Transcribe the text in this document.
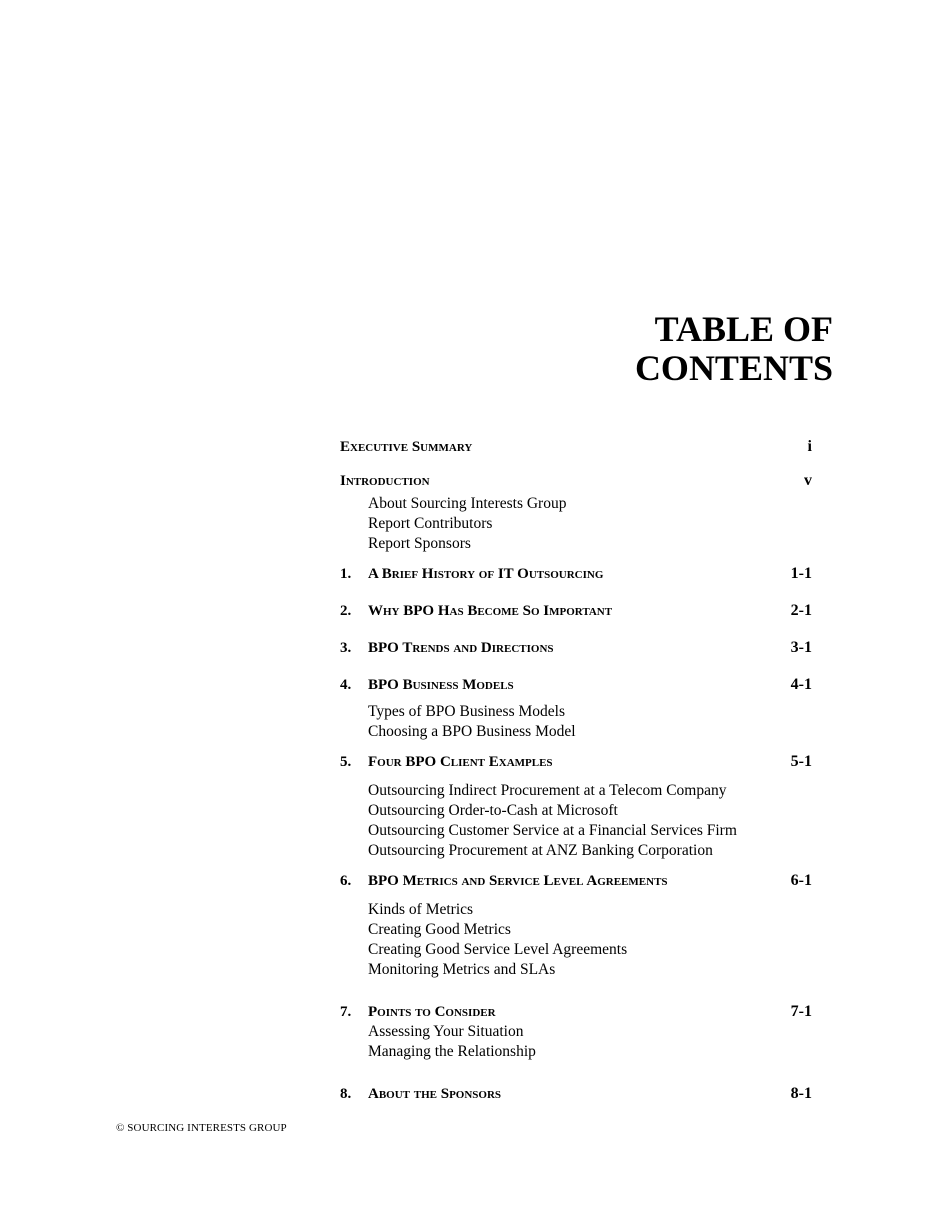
TABLE OF
CONTENTS
Executive Summary	i
Introduction	v
About Sourcing Interests Group
Report Contributors
Report Sponsors
1. A Brief History of IT Outsourcing	1-1
2. Why BPO Has Become So Important	2-1
3. BPO Trends and Directions	3-1
4. BPO Business Models	4-1
Types of BPO Business Models
Choosing a BPO Business Model
5. Four BPO Client Examples	5-1
Outsourcing Indirect Procurement at a Telecom Company
Outsourcing Order-to-Cash at Microsoft
Outsourcing Customer Service at a Financial Services Firm
Outsourcing Procurement at ANZ Banking Corporation
6. BPO Metrics and Service Level Agreements	6-1
Kinds of Metrics
Creating Good Metrics
Creating Good Service Level Agreements
Monitoring Metrics and SLAs
7. Points to Consider	7-1
Assessing Your Situation
Managing the Relationship
8. About the Sponsors	8-1
© SOURCING INTERESTS GROUP
